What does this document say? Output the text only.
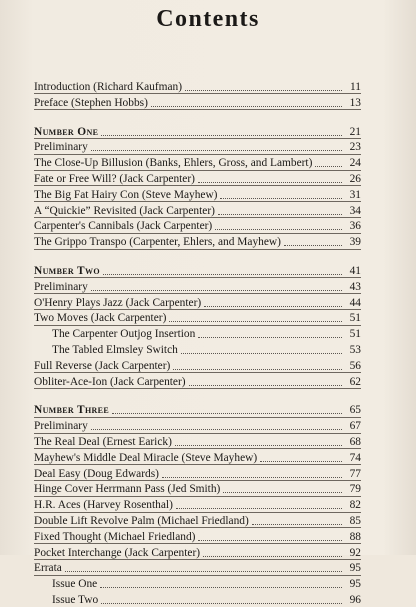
Contents
Introduction (Richard Kaufman)	11
Preface (Stephen Hobbs)	13
Number One	21
Preliminary	23
The Close-Up Billusion (Banks, Ehlers, Gross, and Lambert)	24
Fate or Free Will? (Jack Carpenter)	26
The Big Fat Hairy Con (Steve Mayhew)	31
A “Quickie” Revisited (Jack Carpenter)	34
Carpenter's Cannibals (Jack Carpenter)	36
The Grippo Transpo (Carpenter, Ehlers, and Mayhew)	39
Number Two	41
Preliminary	43
O'Henry Plays Jazz (Jack Carpenter)	44
Two Moves (Jack Carpenter)	51
The Carpenter Outjog Insertion	51
The Tabled Elmsley Switch	53
Full Reverse (Jack Carpenter)	56
Obliter-Ace-Ion (Jack Carpenter)	62
Number Three	65
Preliminary	67
The Real Deal (Ernest Earick)	68
Mayhew's Middle Deal Miracle (Steve Mayhew)	74
Deal Easy (Doug Edwards)	77
Hinge Cover Herrmann Pass (Jed Smith)	79
H.R. Aces (Harvey Rosenthal)	82
Double Lift Revolve Palm (Michael Friedland)	85
Fixed Thought (Michael Friedland)	88
Pocket Interchange (Jack Carpenter)	92
Errata	95
Issue One	95
Issue Two	96
